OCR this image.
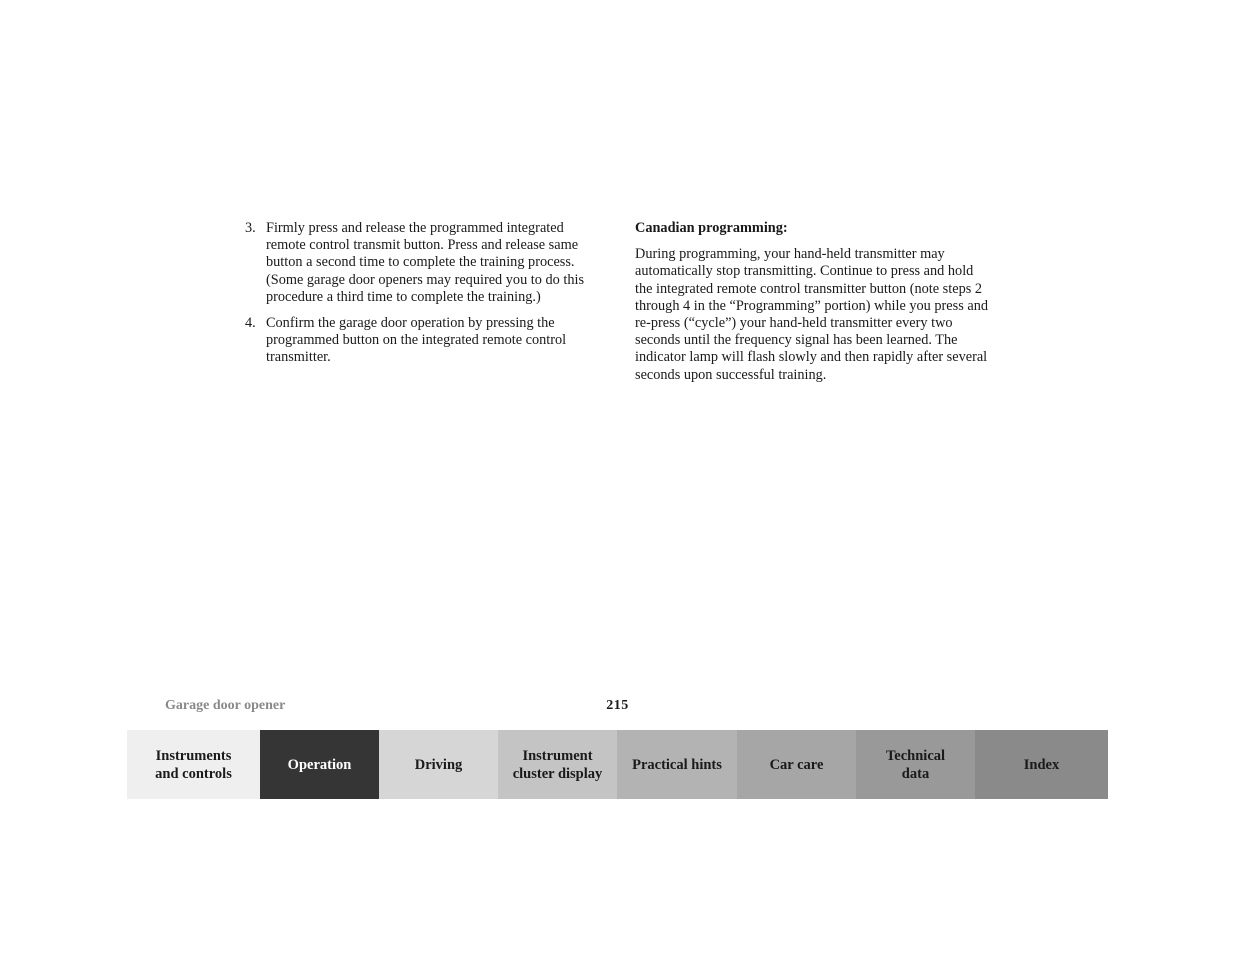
3. Firmly press and release the programmed integrated remote control transmit button. Press and release same button a second time to complete the training process. (Some garage door openers may required you to do this procedure a third time to complete the training.)
4. Confirm the garage door operation by pressing the programmed button on the integrated remote control transmitter.

Canadian programming:

During programming, your hand-held transmitter may automatically stop transmitting. Continue to press and hold the integrated remote control transmitter button (note steps 2 through 4 in the “Programming” portion) while you press and re-press (“cycle”) your hand-held transmitter every two seconds until the frequency signal has been learned. The indicator lamp will flash slowly and then rapidly after several seconds upon successful training.

Garage door opener	215
Instruments
and controls
Operation	Driving
Instrument
cluster display
Practical hints	Car care
Technical
data
Index
